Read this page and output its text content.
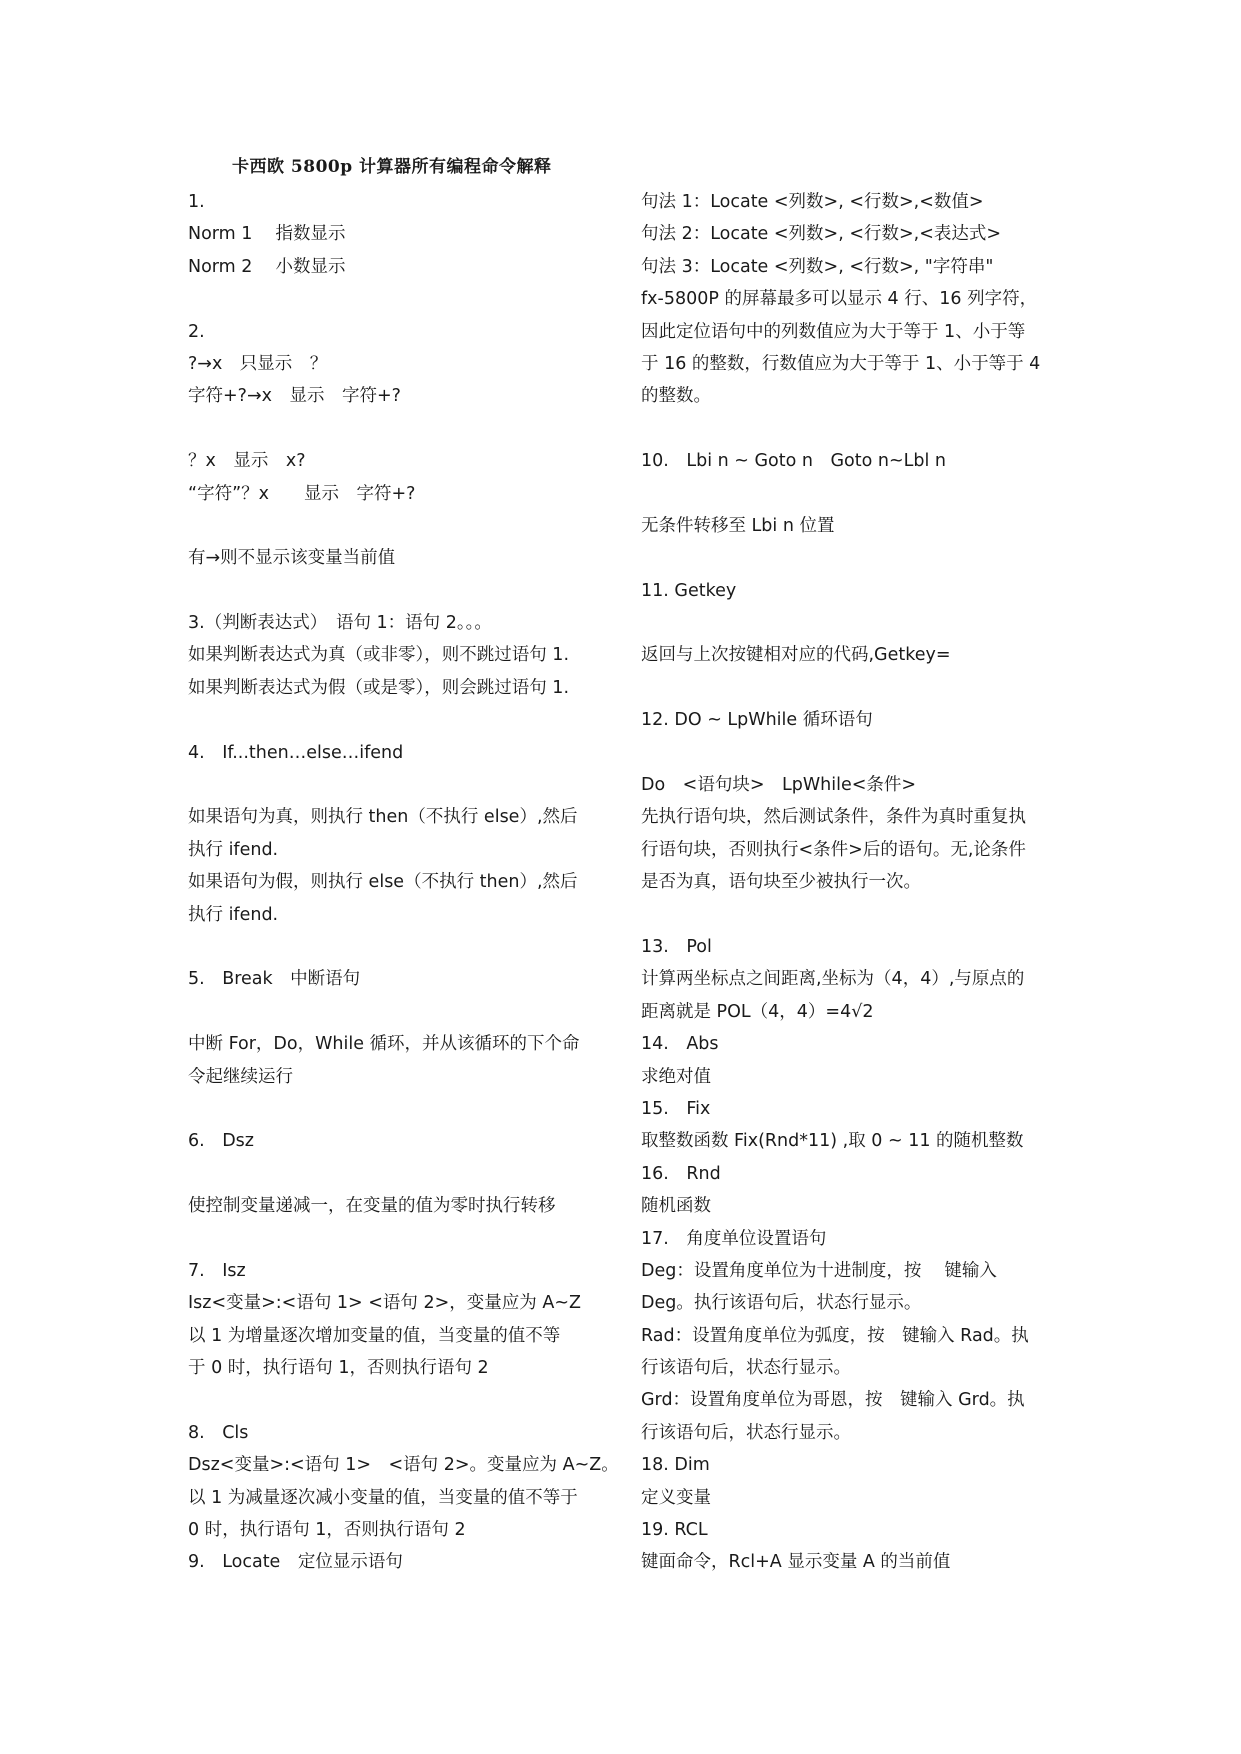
卡西欧 5800p 计算器所有编程命令解释
1.
Norm 1　 指数显示
Norm 2　 小数显示
2.
?→x　只显示　？
字符+?→x　显示　字符+?
？x　显示　x?
“字符”？x　　显示　字符+?
有→则不显示该变量当前值
3.（判断表达式）　语句 1：语句 2。。。
如果判断表达式为真（或非零），则不跳过语句 1.
如果判断表达式为假（或是零），则会跳过语句 1.
4.　If...then…else…ifend
如果语句为真，则执行 then（不执行 else）,然后
执行 ifend.
如果语句为假，则执行 else（不执行 then）,然后
执行 ifend.
5.　Break　中断语句
中断 For，Do，While 循环，并从该循环的下个命
令起继续运行
6.　Dsz
使控制变量递减一，在变量的值为零时执行转移
7.　Isz
Isz<变量>:<语句 1> <语句 2>，变量应为 A~Z
以 1 为增量逐次增加变量的值，当变量的值不等
于 0 时，执行语句 1，否则执行语句 2
8.　Cls
Dsz<变量>:<语句 1>　<语句 2>。变量应为 A~Z。
以 1 为减量逐次减小变量的值，当变量的值不等于
0 时，执行语句 1，否则执行语句 2
9.　Locate　定位显示语句
句法 1：Locate <列数>, <行数>,<数值>
句法 2：Locate <列数>, <行数>,<表达式>
句法 3：Locate <列数>, <行数>, "字符串"
fx-5800P 的屏幕最多可以显示 4 行、16 列字符，
因此定位语句中的列数值应为大于等于 1、小于等
于 16 的整数，行数值应为大于等于 1、小于等于 4
的整数。
10.　Lbi n ~ Goto n　Goto n~Lbl n
无条件转移至 Lbi n 位置
11. Getkey
返回与上次按键相对应的代码,Getkey=
12. DO ~ LpWhile 循环语句
Do　<语句块>　LpWhile<条件>
先执行语句块，然后测试条件，条件为真时重复执
行语句块，否则执行<条件>后的语句。无,论条件
是否为真，语句块至少被执行一次。
13.　Pol
计算两坐标点之间距离,坐标为（4，4）,与原点的
距离就是 POL（4，4）=4√2
14.　Abs
求绝对值
15.　Fix
取整数函数 Fix(Rnd*11) ,取 0 ~ 11 的随机整数
16.　Rnd
随机函数
17.　角度单位设置语句
Deg：设置角度单位为十进制度，按　 键输入
Deg。执行该语句后，状态行显示。
Rad：设置角度单位为弧度，按　键输入 Rad。执
行该语句后，状态行显示。
Grd：设置角度单位为哥恩，按　键输入 Grd。执
行该语句后，状态行显示。
18. Dim
定义变量
19. RCL
键面命令，Rcl+A 显示变量 A 的当前值
